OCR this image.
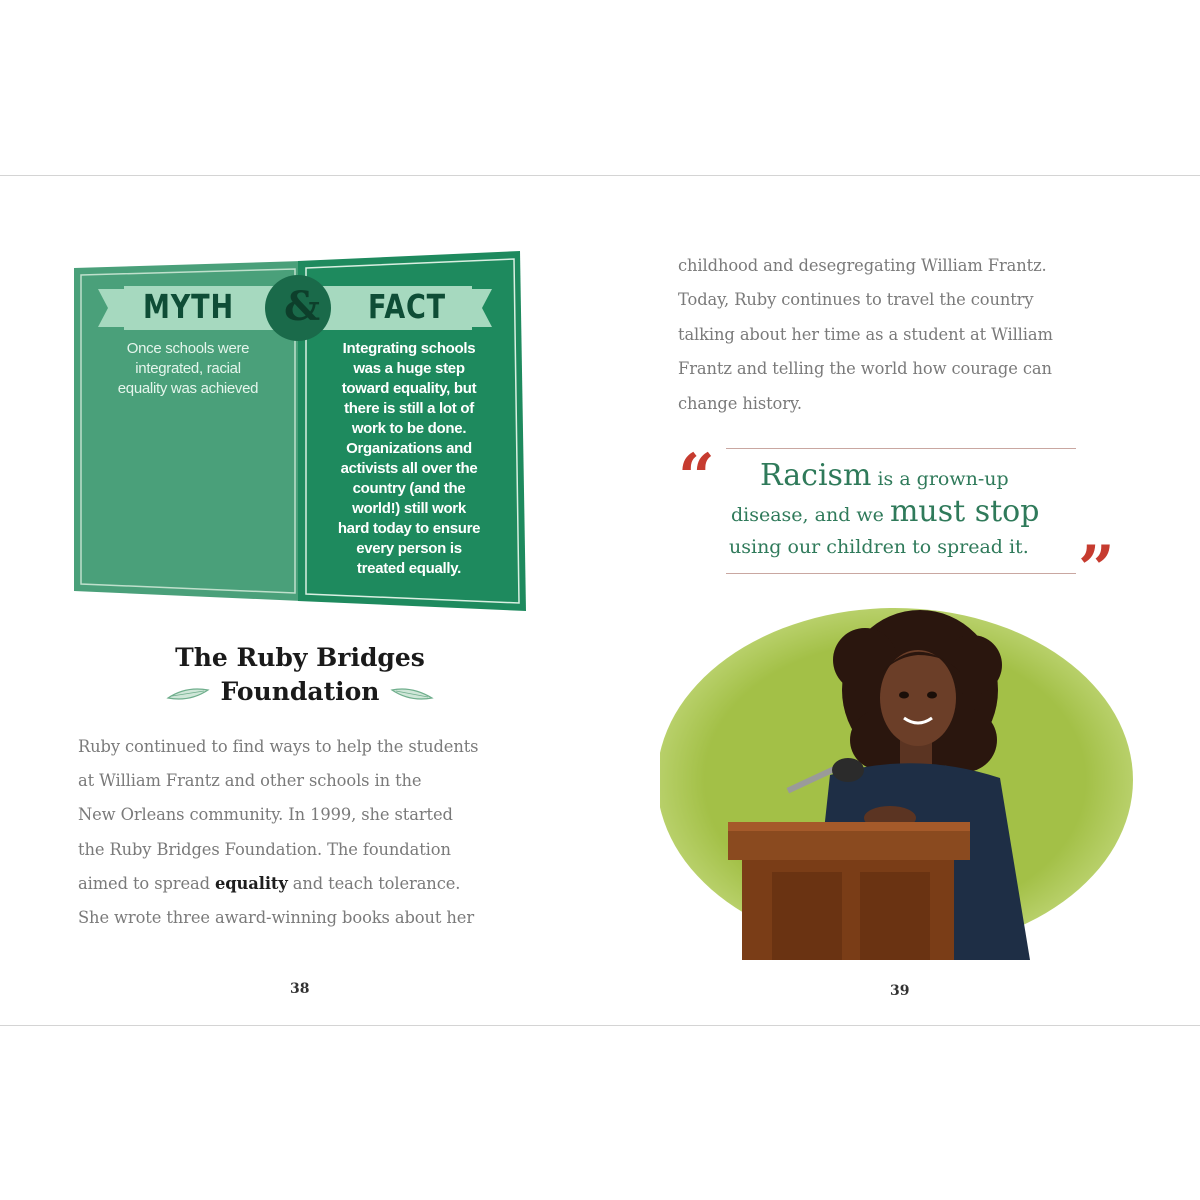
MYTH & FACT
Once schools were
integrated, racial
equality was achieved
Integrating schools
was a huge step
toward equality, but
there is still a lot of
work to be done.
Organizations and
activists all over the
country (and the
world!) still work
hard today to ensure
every person is
treated equally.
The Ruby Bridges
Foundation
Ruby continued to find ways to help the students
at William Frantz and other schools in the
New Orleans community. In 1999, she started
the Ruby Bridges Foundation. The foundation
aimed to spread equality and teach tolerance.
She wrote three award-winning books about her
38
childhood and desegregating William Frantz.
Today, Ruby continues to travel the country
talking about her time as a student at William
Frantz and telling the world how courage can
change history.
“
”
Racism is a grown-up
disease, and we must stop
using our children to spread it.
39
